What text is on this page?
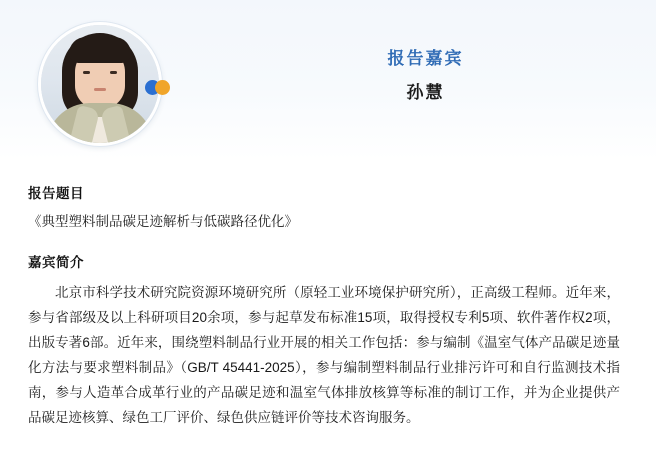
报告嘉宾
孙慧
报告题目
《典型塑料制品碳足迹解析与低碳路径优化》
嘉宾简介
北京市科学技术研究院资源环境研究所（原轻工业环境保护研究所），正高级工程师。近年来，参与省部级及以上科研项目20余项，参与起草发布标准15项，取得授权专利5项、软件著作权2项，出版专著6部。近年来，围绕塑料制品行业开展的相关工作包括：参与编制《温室气体产品碳足迹量化方法与要求塑料制品》（GB/T 45441-2025），参与编制塑料制品行业排污许可和自行监测技术指南，参与人造革合成革行业的产品碳足迹和温室气体排放核算等标准的制订工作，并为企业提供产品碳足迹核算、绿色工厂评价、绿色供应链评价等技术咨询服务。
